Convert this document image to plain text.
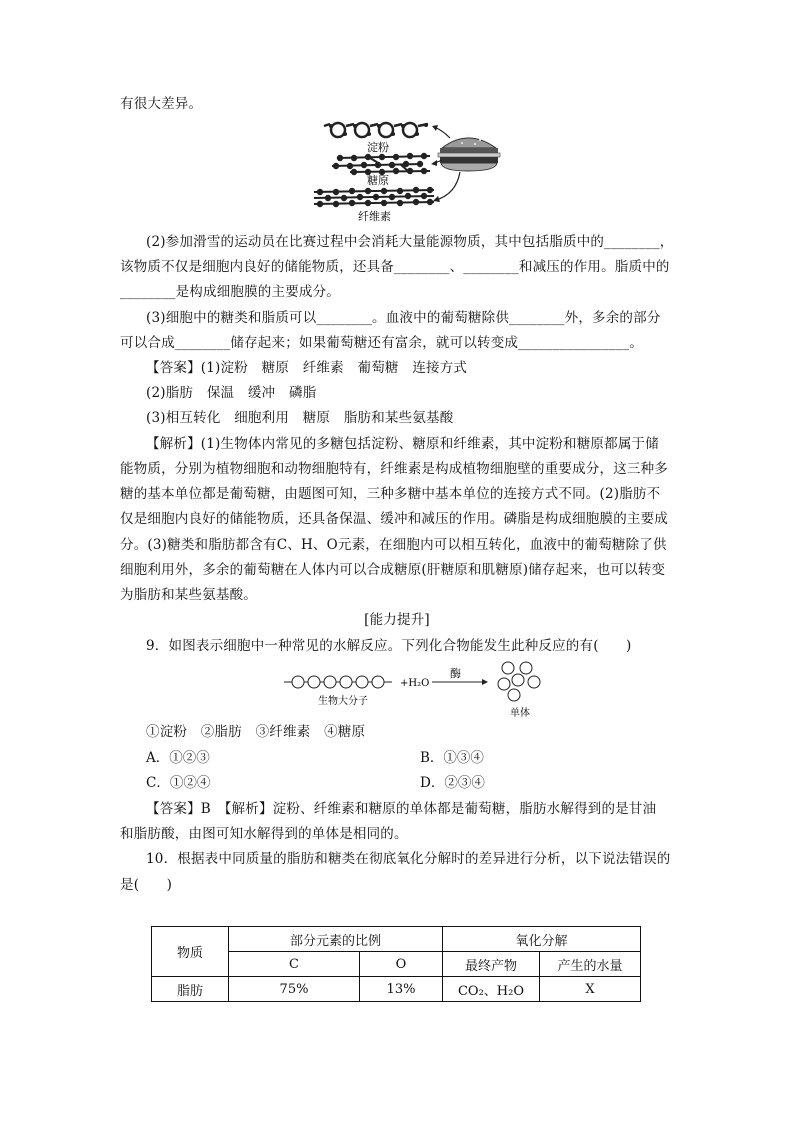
有很大差异。
淀粉
糖原
纤维素
(2)参加滑雪的运动员在比赛过程中会消耗大量能源物质，其中包括脂质中的________，
该物质不仅是细胞内良好的储能物质，还具备________、________和减压的作用。脂质中的
________是构成细胞膜的主要成分。
(3)细胞中的糖类和脂质可以________。血液中的葡萄糖除供________外，多余的部分
可以合成________储存起来；如果葡萄糖还有富余，就可以转变成________________。
【答案】(1)淀粉　糖原　纤维素　葡萄糖　连接方式
(2)脂肪　保温　缓冲　磷脂
(3)相互转化　细胞利用　糖原　脂肪和某些氨基酸
【解析】(1)生物体内常见的多糖包括淀粉、糖原和纤维素，其中淀粉和糖原都属于储
能物质，分别为植物细胞和动物细胞特有，纤维素是构成植物细胞壁的重要成分，这三种多
糖的基本单位都是葡萄糖，由题图可知，三种多糖中基本单位的连接方式不同。(2)脂肪不
仅是细胞内良好的储能物质，还具备保温、缓冲和减压的作用。磷脂是构成细胞膜的主要成
分。(3)糖类和脂肪都含有C、H、O元素，在细胞内可以相互转化，血液中的葡萄糖除了供
细胞利用外，多余的葡萄糖在人体内可以合成糖原(肝糖原和肌糖原)储存起来，也可以转变
为脂肪和某些氨基酸。
[能力提升]
9．如图表示细胞中一种常见的水解反应。下列化合物能发生此种反应的有(　　)
+H₂O
酶
生物大分子
单体
①淀粉　②脂肪　③纤维素　④糖原
A．①②③	B．①③④
C．①②④	D．②③④
【答案】B　【解析】淀粉、纤维素和糖原的单体都是葡萄糖，脂肪水解得到的是甘油
和脂肪酸，由图可知水解得到的单体是相同的。
10．根据表中同质量的脂肪和糖类在彻底氧化分解时的差异进行分析，以下说法错误的
是(　　)
物质	部分元素的比例		氧化分解	
	C	O	最终产物	产生的水量
脂肪	75%	13%	CO₂、H₂O	X
